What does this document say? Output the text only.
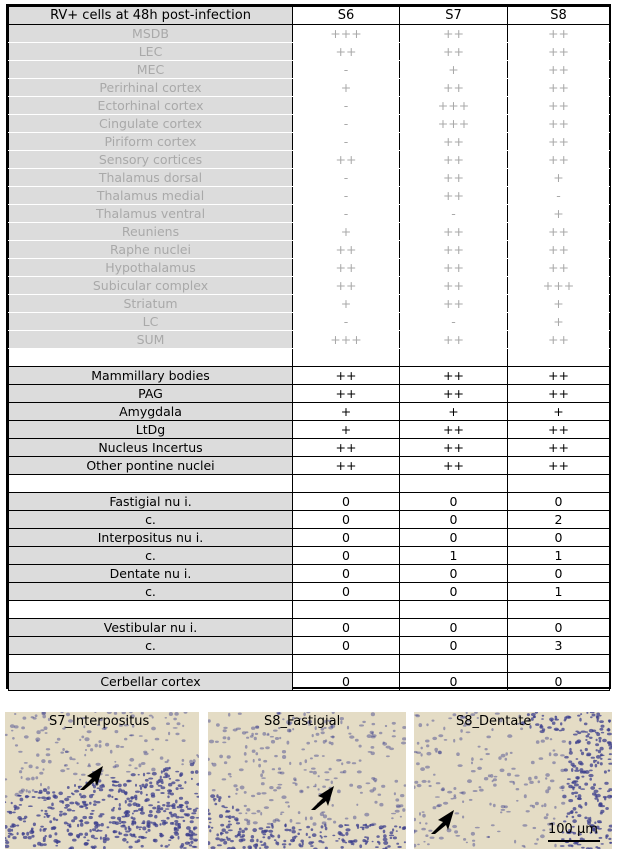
RV+ cells at 48h post-infection	S6	S7	S8
MSDB	+++	++	++
LEC	++	++	++
MEC	-	+	++
Perirhinal cortex	+	++	++
Ectorhinal cortex	-	+++	++
Cingulate cortex	-	+++	++
Piriform cortex	-	++	++
Sensory cortices	++	++	++
Thalamus dorsal	-	++	+
Thalamus medial	-	++	-
Thalamus ventral	-	-	+
Reuniens	+	++	++
Raphe nuclei	++	++	++
Hypothalamus	++	++	++
Subicular complex	++	++	+++
Striatum	+	++	+
LC	-	-	+
SUM	+++	++	++

Mammillary bodies	++	++	++
PAG	++	++	++
Amygdala	+	+	+
LtDg	+	++	++
Nucleus Incertus	++	++	++
Other pontine nuclei	++	++	++

Fastigial nu i.	0	0	0
c.	0	0	2
Interpositus nu i.	0	0	0
c.	0	1	1
Dentate nu i.	0	0	0
c.	0	0	1

Vestibular nu i.	0	0	0
c.	0	0	3

Cerbellar cortex	0	0	0
S7_Interpositus	S8_Fastigial	S8_Dentate
100 μm
